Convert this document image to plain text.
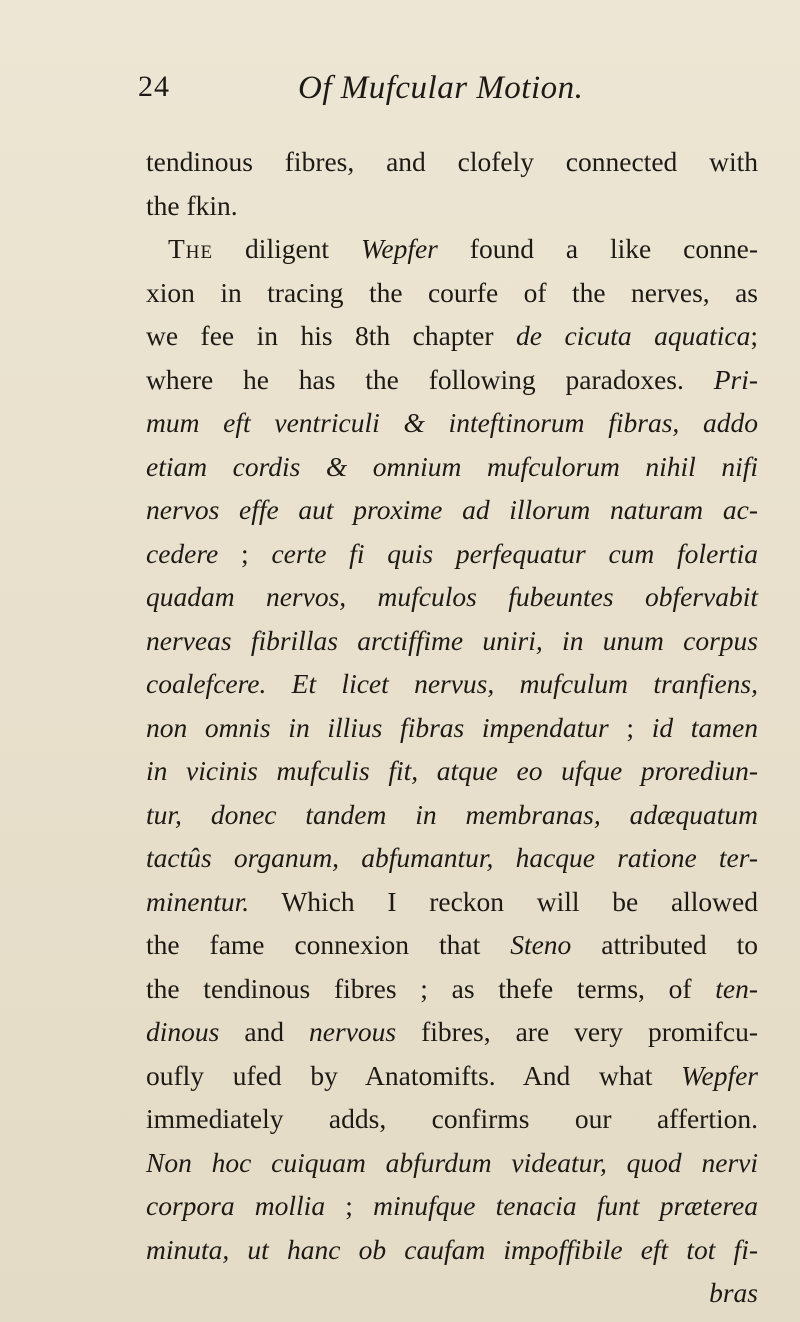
24	Of Mufcular Motion.
tendinous fibres, and clofely connected with
the fkin.
The diligent Wepfer found a like conne-
xion in tracing the courfe of the nerves, as
we fee in his 8th chapter de cicuta aquatica;
where he has the following paradoxes. Pri-
mum eft ventriculi & inteftinorum fibras, addo
etiam cordis & omnium mufculorum nihil nifi
nervos effe aut proxime ad illorum naturam ac-
cedere ; certe fi quis perfequatur cum folertia
quadam nervos, mufculos fubeuntes obfervabit
nerveas fibrillas arctiffime uniri, in unum corpus
coalefcere. Et licet nervus, mufculum tranfiens,
non omnis in illius fibras impendatur ; id tamen
in vicinis mufculis fit, atque eo ufque prorediun-
tur, donec tandem in membranas, adæquatum
tactûs organum, abfumantur, hacque ratione ter-
minentur. Which I reckon will be allowed
the fame connexion that Steno attributed to
the tendinous fibres ; as thefe terms, of ten-
dinous and nervous fibres, are very promifcu-
oufly ufed by Anatomifts. And what Wepfer
immediately adds, confirms our affertion.
Non hoc cuiquam abfurdum videatur, quod nervi
corpora mollia ; minufque tenacia funt præterea
minuta, ut hanc ob caufam impoffibile eft tot fi-
bras
